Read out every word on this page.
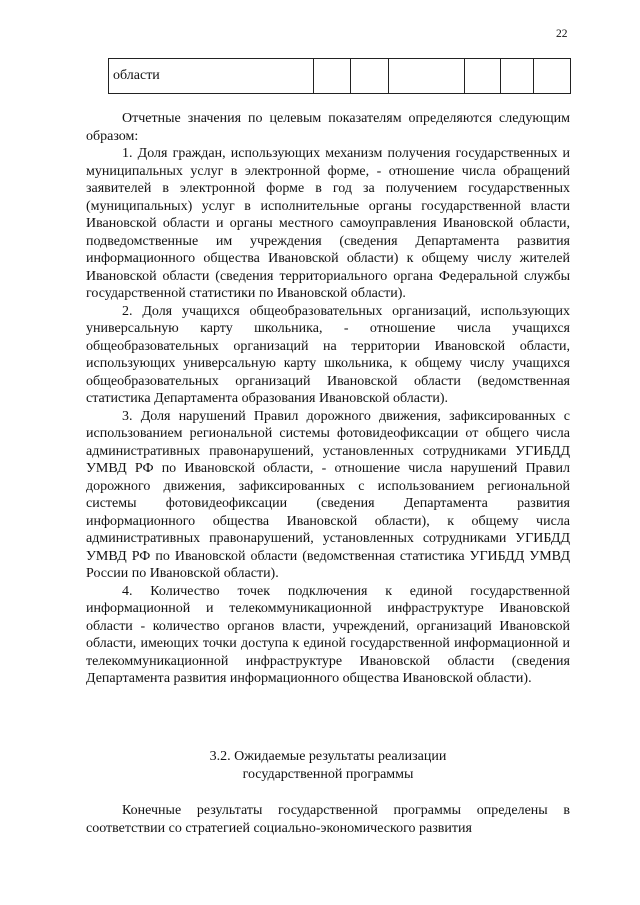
22
области						

Отчетные значения по целевым показателям определяются следующим образом:

1. Доля граждан, использующих механизм получения государственных и муниципальных услуг в электронной форме, - отношение числа обращений заявителей в электронной форме в год за получением государственных (муниципальных) услуг в исполнительные органы государственной власти Ивановской области и органы местного самоуправления Ивановской области, подведомственные им учреждения (сведения Департамента развития информационного общества Ивановской области) к общему числу жителей Ивановской области (сведения территориального органа Федеральной службы государственной статистики по Ивановской области).

2. Доля учащихся общеобразовательных организаций, использующих универсальную карту школьника, - отношение числа учащихся общеобразовательных организаций на территории Ивановской области, использующих универсальную карту школьника, к общему числу учащихся общеобразовательных организаций Ивановской области (ведомственная статистика Департамента образования Ивановской области).

3. Доля нарушений Правил дорожного движения, зафиксированных с использованием региональной системы фотовидеофиксации от общего числа административных правонарушений, установленных сотрудниками УГИБДД УМВД РФ по Ивановской области, - отношение числа нарушений Правил дорожного движения, зафиксированных с использованием региональной системы фотовидеофиксации (сведения Департамента развития информационного общества Ивановской области), к общему числа административных правонарушений, установленных сотрудниками УГИБДД УМВД РФ по Ивановской области (ведомственная статистика УГИБДД УМВД России по Ивановской области).

4. Количество точек подключения к единой государственной информационной и телекоммуникационной инфраструктуре Ивановской области - количество органов власти, учреждений, организаций Ивановской области, имеющих точки доступа к единой государственной информационной и телекоммуникационной инфраструктуре Ивановской области (сведения Департамента развития информационного общества Ивановской области).

3.2. Ожидаемые результаты реализации
государственной программы

Конечные результаты государственной программы определены в соответствии со стратегией социально-экономического развития
